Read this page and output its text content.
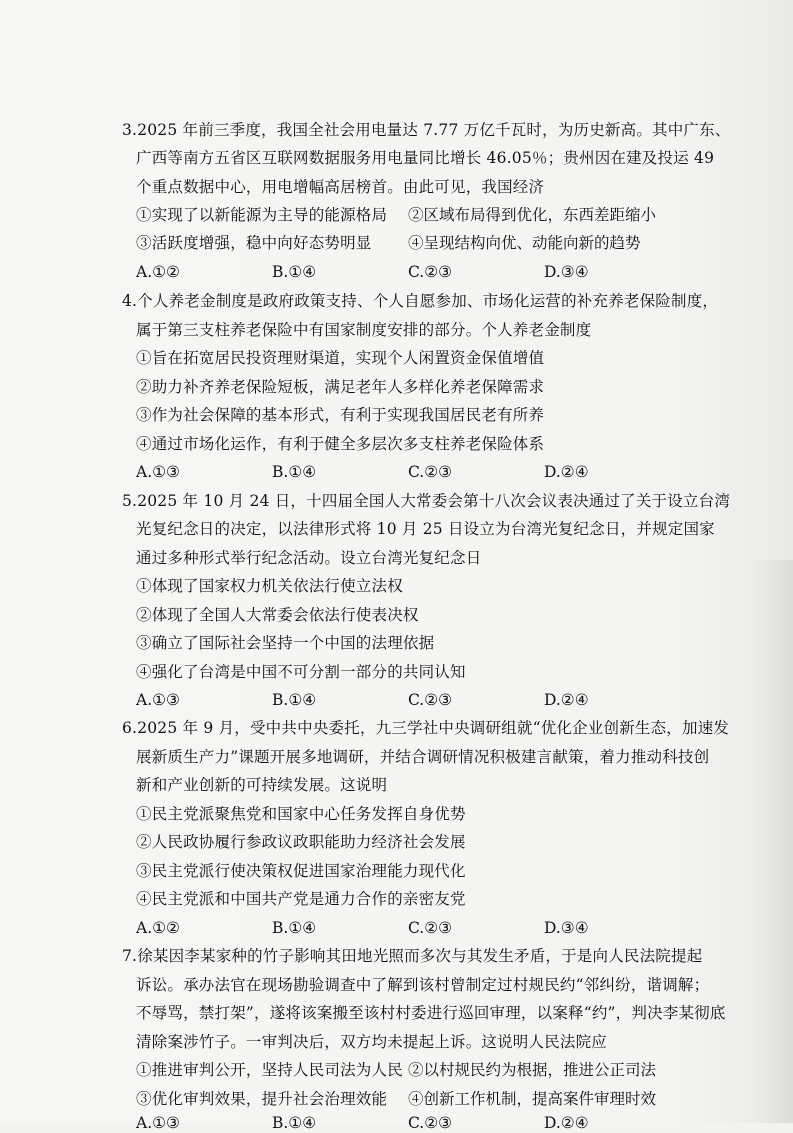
3.2025 年前三季度，我国全社会用电量达 7.77 万亿千瓦时，为历史新高。其中广东、
广西等南方五省区互联网数据服务用电量同比增长 46.05％；贵州因在建及投运 49
个重点数据中心，用电增幅高居榜首。由此可见，我国经济
①实现了以新能源为主导的能源格局 ②区域布局得到优化，东西差距缩小
③活跃度增强，稳中向好态势明显 ④呈现结构向优、动能向新的趋势
A.①②	B.①④	C.②③	D.③④
4.个人养老金制度是政府政策支持、个人自愿参加、市场化运营的补充养老保险制度，
属于第三支柱养老保险中有国家制度安排的部分。个人养老金制度
①旨在拓宽居民投资理财渠道，实现个人闲置资金保值增值
②助力补齐养老保险短板，满足老年人多样化养老保障需求
③作为社会保障的基本形式，有利于实现我国居民老有所养
④通过市场化运作，有利于健全多层次多支柱养老保险体系
A.①③	B.①④	C.②③	D.②④
5.2025 年 10 月 24 日，十四届全国人大常委会第十八次会议表决通过了关于设立台湾
光复纪念日的决定，以法律形式将 10 月 25 日设立为台湾光复纪念日，并规定国家
通过多种形式举行纪念活动。设立台湾光复纪念日
①体现了国家权力机关依法行使立法权
②体现了全国人大常委会依法行使表决权
③确立了国际社会坚持一个中国的法理依据
④强化了台湾是中国不可分割一部分的共同认知
A.①③	B.①④	C.②③	D.②④
6.2025 年 9 月，受中共中央委托，九三学社中央调研组就“优化企业创新生态，加速发
展新质生产力”课题开展多地调研，并结合调研情况积极建言献策，着力推动科技创
新和产业创新的可持续发展。这说明
①民主党派聚焦党和国家中心任务发挥自身优势
②人民政协履行参政议政职能助力经济社会发展
③民主党派行使决策权促进国家治理能力现代化
④民主党派和中国共产党是通力合作的亲密友党
A.①②	B.①④	C.②③	D.③④
7.徐某因李某家种的竹子影响其田地光照而多次与其发生矛盾，于是向人民法院提起
诉讼。承办法官在现场勘验调查中了解到该村曾制定过村规民约“邻纠纷，谐调解；
不辱骂，禁打架”，遂将该案搬至该村村委进行巡回审理，以案释“约”，判决李某彻底
清除案涉竹子。一审判决后，双方均未提起上诉。这说明人民法院应
①推进审判公开，坚持人民司法为人民 ②以村规民约为根据，推进公正司法
③优化审判效果，提升社会治理效能 ④创新工作机制，提高案件审理时效
A.①③	B.①④	C.②③	D.②④
